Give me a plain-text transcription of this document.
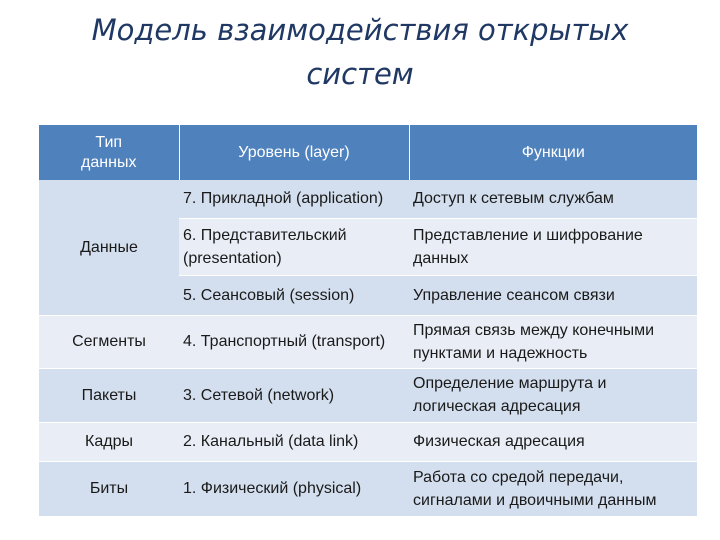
Модель взаимодействия открытых
систем
Тип данных	Уровень (layer)	Функции
Данные	7. Прикладной (application)	Доступ к сетевым службам
	6. Представительский (presentation)	Представление и шифрование данных
	5. Сеансовый (session)	Управление сеансом связи
Сегменты	4. Транспортный (transport)	Прямая связь между конечными пунктами и надежность
Пакеты	3. Сетевой (network)	Определение маршрута и логическая адресация
Кадры	2. Канальный (data link)	Физическая адресация
Биты	1. Физический (physical)	Работа со средой передачи, сигналами и двоичными данным
